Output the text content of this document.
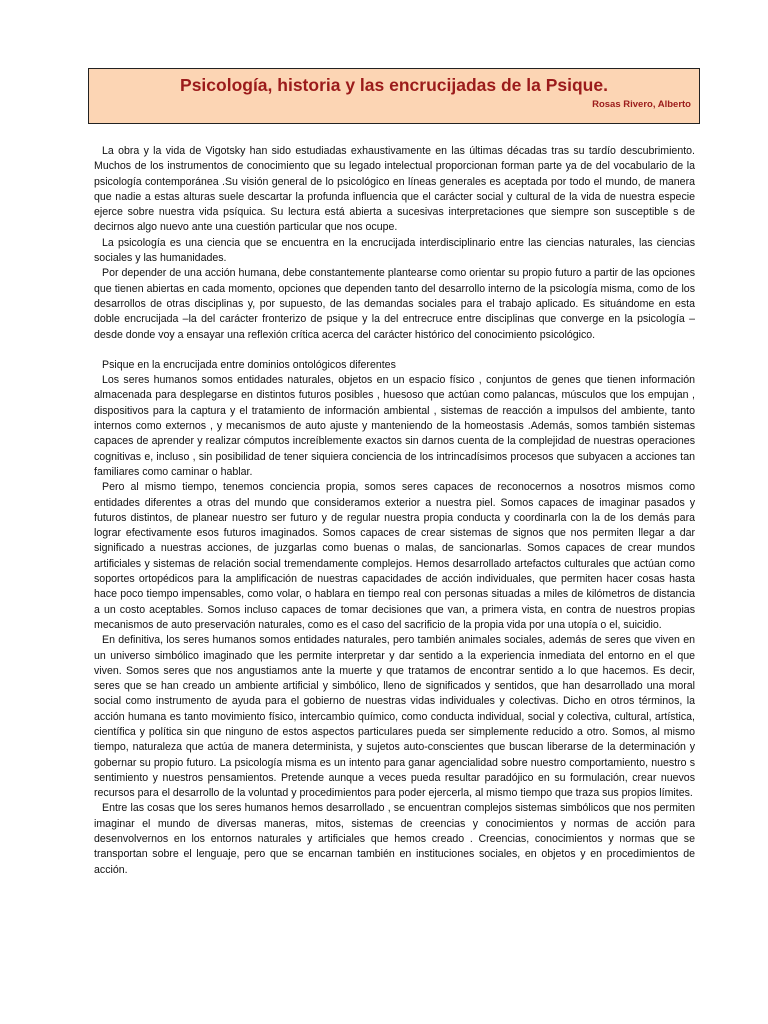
Psicología, historia y las encrucijadas de la Psique.
Rosas Rivero, Alberto

La obra y la vida de Vigotsky han sido estudiadas exhaustivamente en las últimas décadas tras su tardío descubrimiento. Muchos de los instrumentos de conocimiento que su legado intelectual proporcionan forman parte ya de del vocabulario de la psicología contemporánea .Su visión general de lo psicológico en líneas generales es aceptada por todo el mundo, de manera que nadie a estas alturas suele descartar la profunda influencia que el carácter social y cultural de la vida de nuestra especie ejerce sobre nuestra vida psíquica. Su lectura está abierta a sucesivas interpretaciones que siempre son susceptible s de decirnos algo nuevo ante una cuestión particular que nos ocupe.

La psicología es una ciencia que se encuentra en la encrucijada interdisciplinario entre las ciencias naturales, las ciencias sociales y las humanidades.

Por depender de una acción humana, debe constantemente plantearse como orientar su propio futuro a partir de las opciones que tienen abiertas en cada momento, opciones que dependen tanto del desarrollo interno de la psicología misma, como de los desarrollos de otras disciplinas y, por supuesto, de las demandas sociales para el trabajo aplicado. Es situándome en esta doble encrucijada –la del carácter fronterizo de psique y la del entrecruce entre disciplinas que converge en la psicología – desde donde voy a ensayar una reflexión crítica acerca del carácter histórico del conocimiento psicológico.

Psique en la encrucijada entre dominios ontológicos diferentes

Los seres humanos somos entidades naturales, objetos en un espacio físico , conjuntos de genes que tienen información almacenada para desplegarse en distintos futuros posibles , huesoso que actúan como palancas, músculos que los empujan , dispositivos para la captura y el tratamiento de información ambiental , sistemas de reacción a impulsos del ambiente, tanto internos como externos , y mecanismos de auto ajuste y manteniendo de la homeostasis .Además, somos también sistemas capaces de aprender y realizar cómputos increíblemente exactos sin darnos cuenta de la complejidad de nuestras operaciones cognitivas e, incluso , sin posibilidad de tener siquiera conciencia de los intrincadísimos procesos que subyacen a acciones tan familiares como caminar o hablar.

Pero al mismo tiempo, tenemos conciencia propia, somos seres capaces de reconocernos a nosotros mismos como entidades diferentes a otras del mundo que consideramos exterior a nuestra piel. Somos capaces de imaginar pasados y futuros distintos, de planear nuestro ser futuro y de regular nuestra propia conducta y coordinarla con la de los demás para lograr efectivamente esos futuros imaginados. Somos capaces de crear sistemas de signos que nos permiten llegar a dar significado a nuestras acciones, de juzgarlas como buenas o malas, de sancionarlas. Somos capaces de crear mundos artificiales y sistemas de relación social tremendamente complejos. Hemos desarrollado artefactos culturales que actúan como soportes ortopédicos para la amplificación de nuestras capacidades de acción individuales, que permiten hacer cosas hasta hace poco tiempo impensables, como volar, o hablara en tiempo real con personas situadas a miles de kilómetros de distancia a un costo aceptables. Somos incluso capaces de tomar decisiones que van, a primera vista, en contra de nuestros propias mecanismos de auto preservación naturales, como es el caso del sacrificio de la propia vida por una utopía o el, suicidio.

En definitiva, los seres humanos somos entidades naturales, pero también animales sociales, además de seres que viven en un universo simbólico imaginado que les permite interpretar y dar sentido a la experiencia inmediata del entorno en el que viven. Somos seres que nos angustiamos ante la muerte y que tratamos de encontrar sentido a lo que hacemos. Es decir, seres que se han creado un ambiente artificial y simbólico, lleno de significados y sentidos, que han desarrollado una moral social como instrumento de ayuda para el gobierno de nuestras vidas individuales y colectivas. Dicho en otros términos, la acción humana es tanto movimiento físico, intercambio químico, como conducta individual, social y colectiva, cultural, artística, científica y política sin que ninguno de estos aspectos particulares pueda ser simplemente reducido a otro. Somos, al mismo tiempo, naturaleza que actúa de manera determinista, y sujetos auto-conscientes que buscan liberarse de la determinación y gobernar su propio futuro. La psicología misma es un intento para ganar agencialidad sobre nuestro comportamiento, nuestro s sentimiento y nuestros pensamientos. Pretende aunque a veces pueda resultar paradójico en su formulación, crear nuevos recursos para el desarrollo de la voluntad y procedimientos para poder ejercerla, al mismo tiempo que traza sus propios límites.

Entre las cosas que los seres humanos hemos desarrollado , se encuentran complejos sistemas simbólicos que nos permiten imaginar el mundo de diversas maneras, mitos, sistemas de creencias y conocimientos y normas de acción para desenvolvernos en los entornos naturales y artificiales que hemos creado . Creencias, conocimientos y normas que se transportan sobre el lenguaje, pero que se encarnan también en instituciones sociales, en objetos y en procedimientos de acción.
